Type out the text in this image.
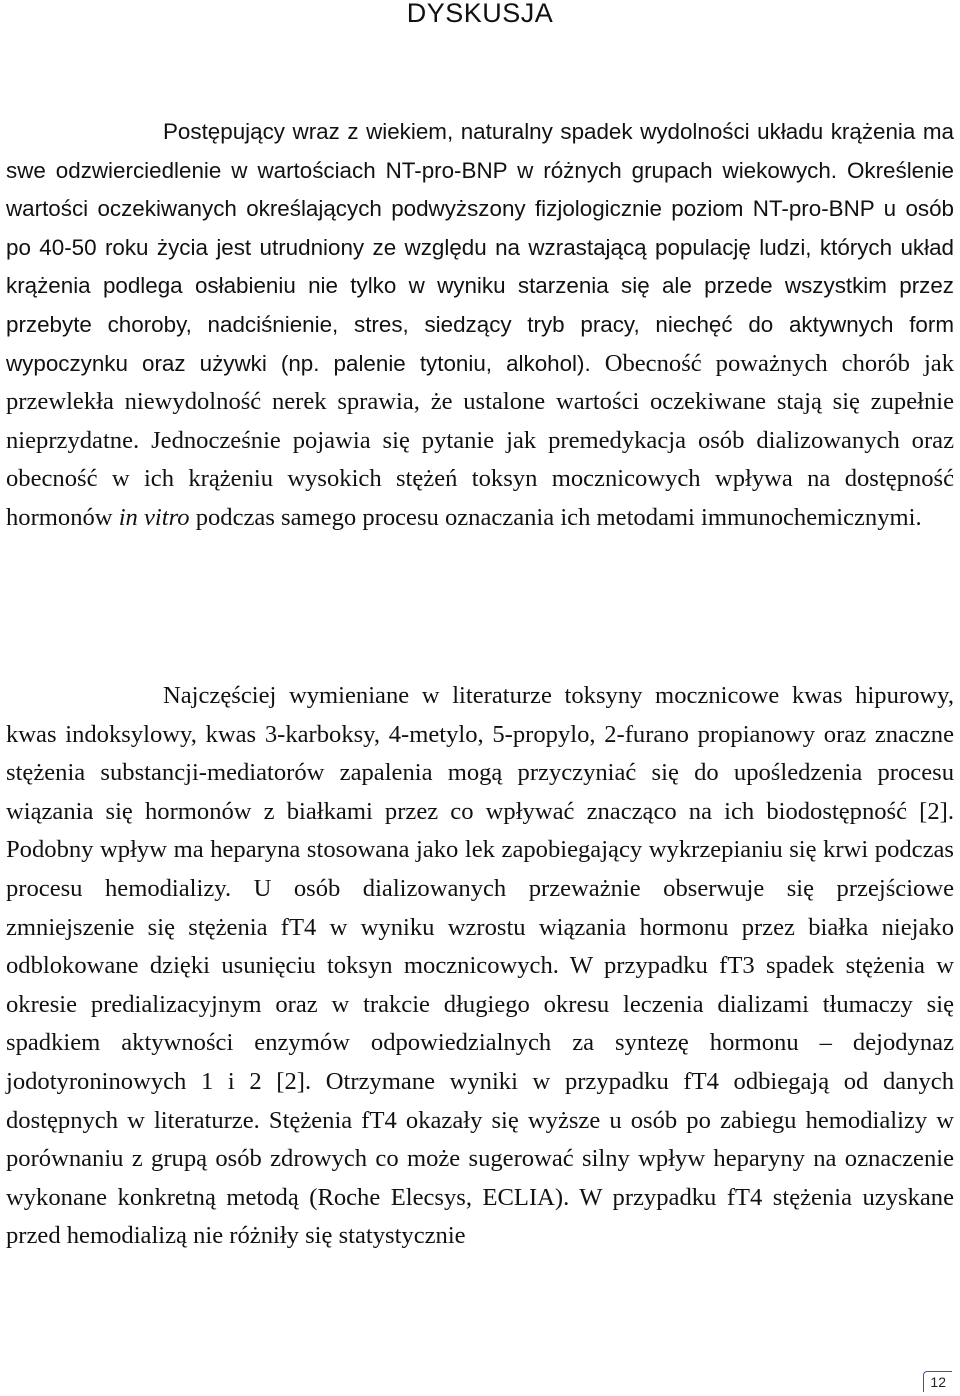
DYSKUSJA

Postępujący wraz z wiekiem, naturalny spadek wydolności układu krążenia ma swe odzwierciedlenie w wartościach NT-pro-BNP w różnych grupach wiekowych. Określenie wartości oczekiwanych określających podwyższony fizjologicznie poziom NT-pro-BNP u osób po 40-50 roku życia jest utrudniony ze względu na wzrastającą populację ludzi, których układ krążenia podlega osłabieniu nie tylko w wyniku starzenia się ale przede wszystkim przez przebyte choroby, nadciśnienie, stres, siedzący tryb pracy, niechęć do aktywnych form wypoczynku oraz używki (np. palenie tytoniu, alkohol). Obecność poważnych chorób jak przewlekła niewydolność nerek sprawia, że ustalone wartości oczekiwane stają się zupełnie nieprzydatne. Jednocześnie pojawia się pytanie jak premedykacja osób dializowanych oraz obecność w ich krążeniu wysokich stężeń toksyn mocznicowych wpływa na dostępność hormonów in vitro podczas samego procesu oznaczania ich metodami immunochemicznymi.

Najczęściej wymieniane w literaturze toksyny mocznicowe kwas hipurowy, kwas indoksylowy, kwas 3-karboksy, 4-metylo, 5-propylo, 2-furano propianowy oraz znaczne stężenia substancji-mediatorów zapalenia mogą przyczyniać się do upośledzenia procesu wiązania się hormonów z białkami przez co wpływać znacząco na ich biodostępność [2]. Podobny wpływ ma heparyna stosowana jako lek zapobiegający wykrzepianiu się krwi podczas procesu hemodializy. U osób dializowanych przeważnie obserwuje się przejściowe zmniejszenie się stężenia fT4 w wyniku wzrostu wiązania hormonu przez białka niejako odblokowane dzięki usunięciu toksyn mocznicowych. W przypadku fT3 spadek stężenia w okresie predializacyjnym oraz w trakcie długiego okresu leczenia dializami tłumaczy się spadkiem aktywności enzymów odpowiedzialnych za syntezę hormonu – dejodynaz jodotyroninowych 1 i 2 [2]. Otrzymane wyniki w przypadku fT4 odbiegają od danych dostępnych w literaturze. Stężenia fT4 okazały się wyższe u osób po zabiegu hemodializy w porównaniu z grupą osób zdrowych co może sugerować silny wpływ heparyny na oznaczenie wykonane konkretną metodą (Roche Elecsys, ECLIA). W przypadku fT4 stężenia uzyskane przed hemodializą nie różniły się statystycznie

12
